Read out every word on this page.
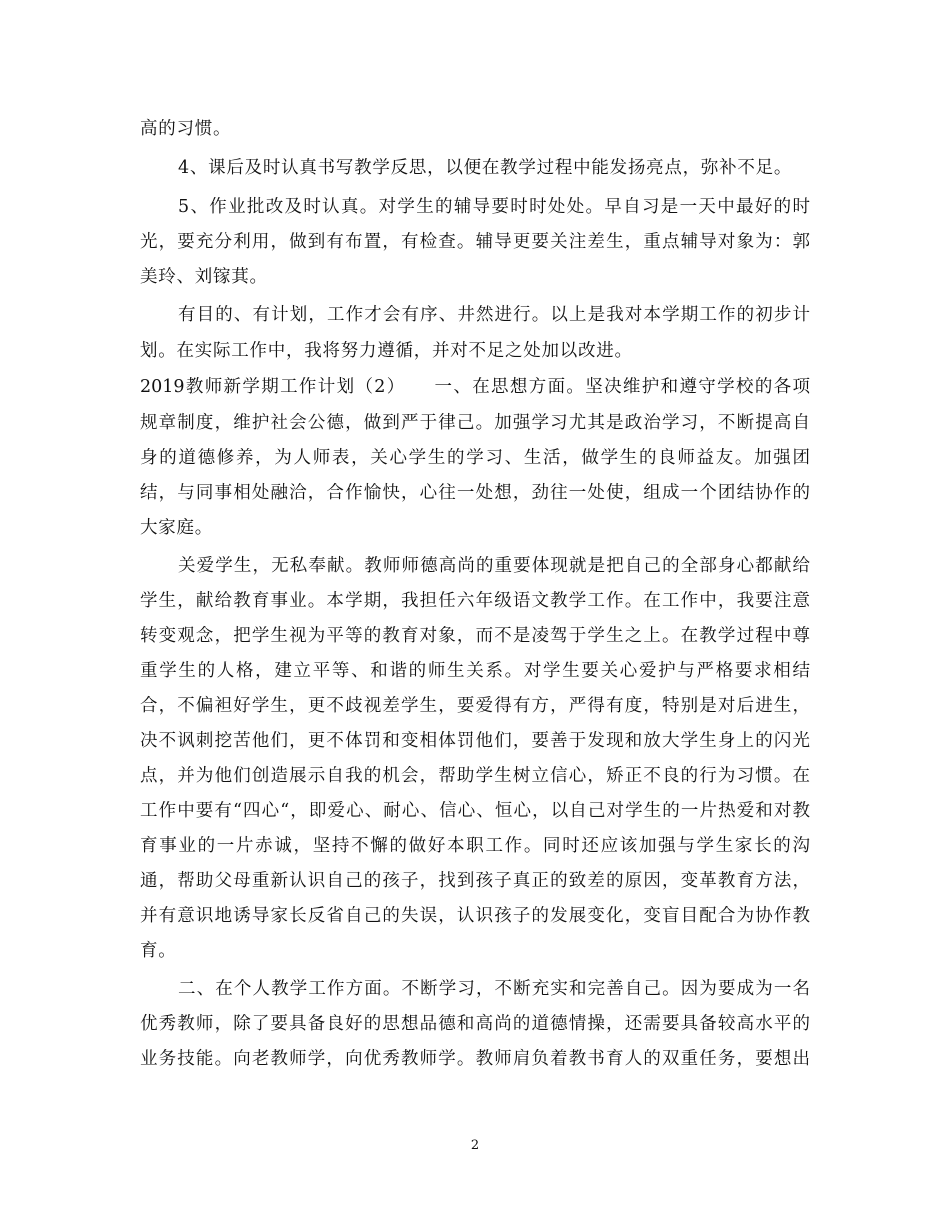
高的习惯。
4、课后及时认真书写教学反思，以便在教学过程中能发扬亮点，弥补不足。
5、作业批改及时认真。对学生的辅导要时时处处。早自习是一天中最好的时
光，要充分利用，做到有布置，有检查。辅导更要关注差生，重点辅导对象为：郭
美玲、刘镓萁。
有目的、有计划，工作才会有序、井然进行。以上是我对本学期工作的初步计
划。在实际工作中，我将努力遵循，并对不足之处加以改进。
2019教师新学期工作计划（2）　　一、在思想方面。坚决维护和遵守学校的各项
规章制度，维护社会公德，做到严于律己。加强学习尤其是政治学习，不断提高自
身的道德修养，为人师表，关心学生的学习、生活，做学生的良师益友。加强团
结，与同事相处融洽，合作愉快，心往一处想，劲往一处使，组成一个团结协作的
大家庭。
关爱学生，无私奉献。教师师德高尚的重要体现就是把自己的全部身心都献给
学生，献给教育事业。本学期，我担任六年级语文教学工作。在工作中，我要注意
转变观念，把学生视为平等的教育对象，而不是凌驾于学生之上。在教学过程中尊
重学生的人格，建立平等、和谐的师生关系。对学生要关心爱护与严格要求相结
合，不偏袒好学生，更不歧视差学生，要爱得有方，严得有度，特别是对后进生，
决不讽刺挖苦他们，更不体罚和变相体罚他们，要善于发现和放大学生身上的闪光
点，并为他们创造展示自我的机会，帮助学生树立信心，矫正不良的行为习惯。在
工作中要有“四心“，即爱心、耐心、信心、恒心，以自己对学生的一片热爱和对教
育事业的一片赤诚，坚持不懈的做好本职工作。同时还应该加强与学生家长的沟
通，帮助父母重新认识自己的孩子，找到孩子真正的致差的原因，变革教育方法，
并有意识地诱导家长反省自己的失误，认识孩子的发展变化，变盲目配合为协作教
育。
二、在个人教学工作方面。不断学习，不断充实和完善自己。因为要成为一名
优秀教师，除了要具备良好的思想品德和高尚的道德情操，还需要具备较高水平的
业务技能。向老教师学，向优秀教师学。教师肩负着教书育人的双重任务，要想出
2
